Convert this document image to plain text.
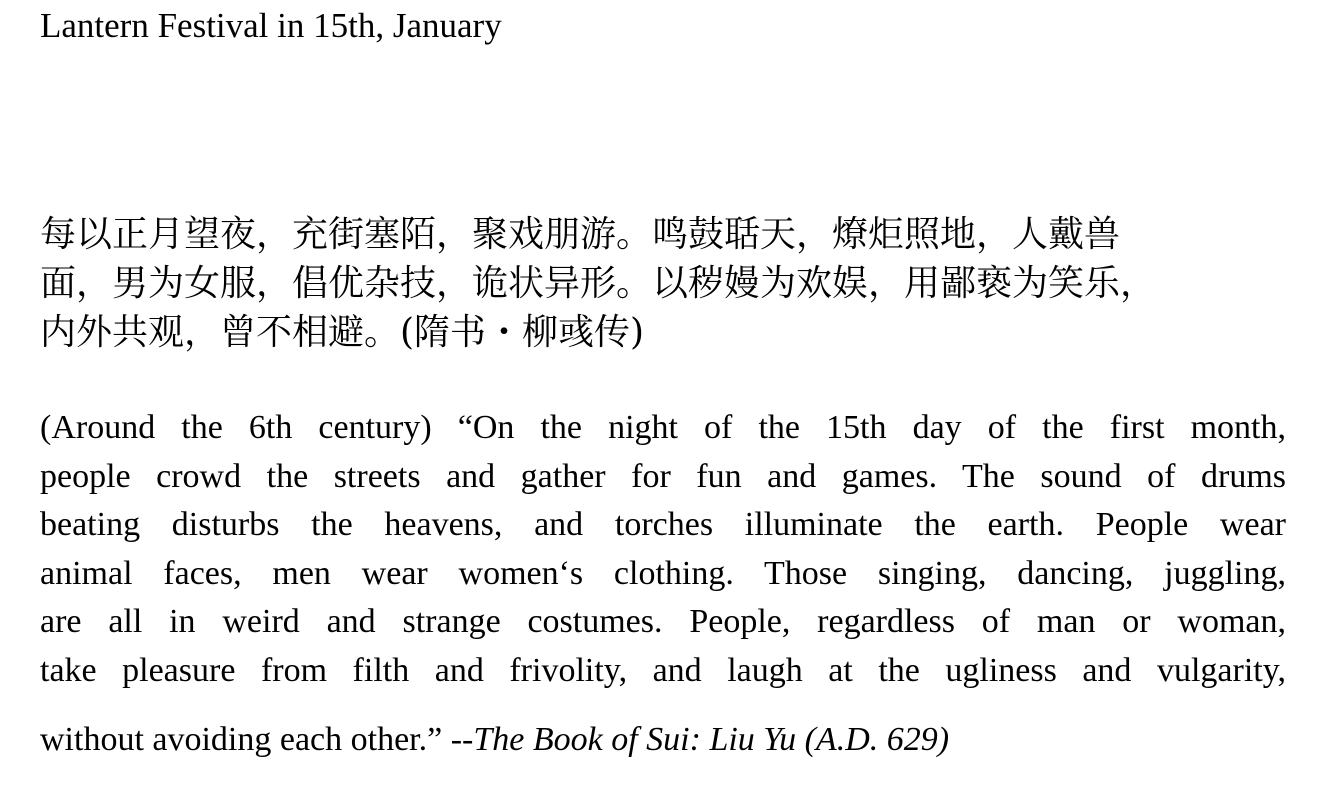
Lantern Festival in 15th, January
每以正月望夜，充街塞陌，聚戏朋游。鸣鼓聒天，燎炬照地，人戴兽
面，男为女服，倡优杂技，诡状异形。以秽嫚为欢娱，用鄙亵为笑乐，
内外共观，曾不相避。(隋书・柳彧传)
(Around the 6th century) “On the night of the 15th day of the first month,
people crowd the streets and gather for fun and games. The sound of drums
beating disturbs the heavens, and torches illuminate the earth. People wear
animal faces, men wear women‘s clothing. Those singing, dancing, juggling,
are all in weird and strange costumes. People, regardless of man or woman,
take pleasure from filth and frivolity, and laugh at the ugliness and vulgarity,

without avoiding each other.” --The Book of Sui: Liu Yu (A.D. 629)
